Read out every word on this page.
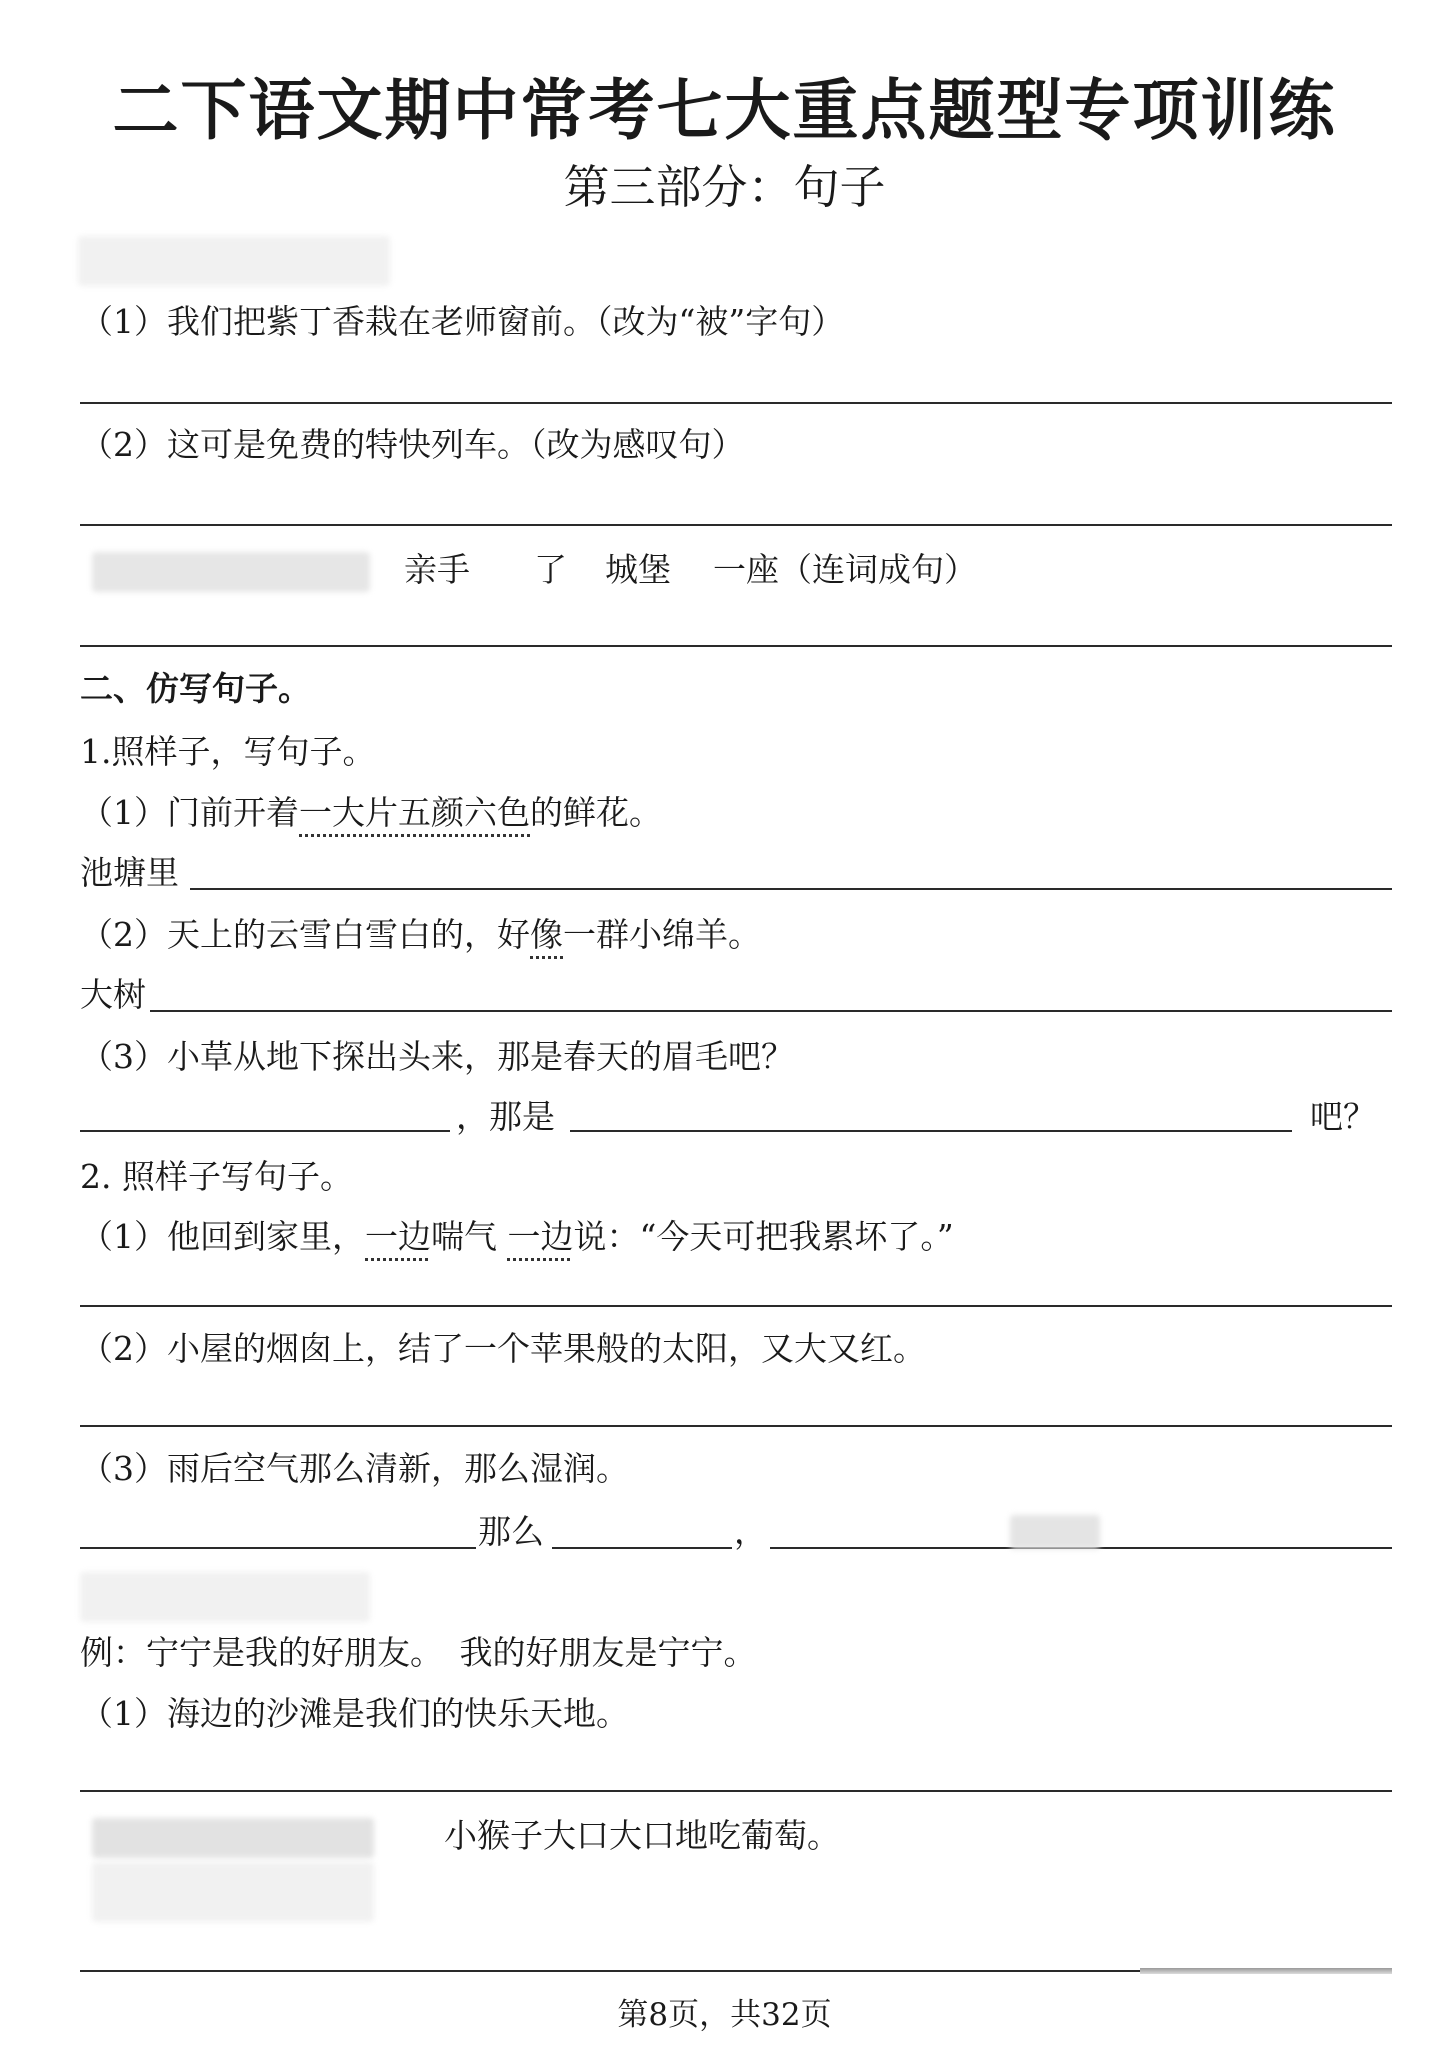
二下语文期中常考七大重点题型专项训练
第三部分：句子
（1）我们把紫丁香栽在老师窗前。（改为“被”字句）
（2）这可是免费的特快列车。（改为感叹句）
亲手 了 城堡 一座（连词成句）
二、仿写句子。
1.照样子，写句子。
（1）门前开着一大片五颜六色的鲜花。
池塘里
（2）天上的云雪白雪白的，好像一群小绵羊。
大树
（3）小草从地下探出头来，那是春天的眉毛吧？
，那是	吧？
2. 照样子写句子。
（1）他回到家里，一边喘气 一边说：“今天可把我累坏了。”
（2）小屋的烟囱上，结了一个苹果般的太阳，又大又红。
（3）雨后空气那么清新，那么湿润。
那么	，
例：宁宁是我的好朋友。　我的好朋友是宁宁。
（1）海边的沙滩是我们的快乐天地。
小猴子大口大口地吃葡萄。
第8页，共32页
